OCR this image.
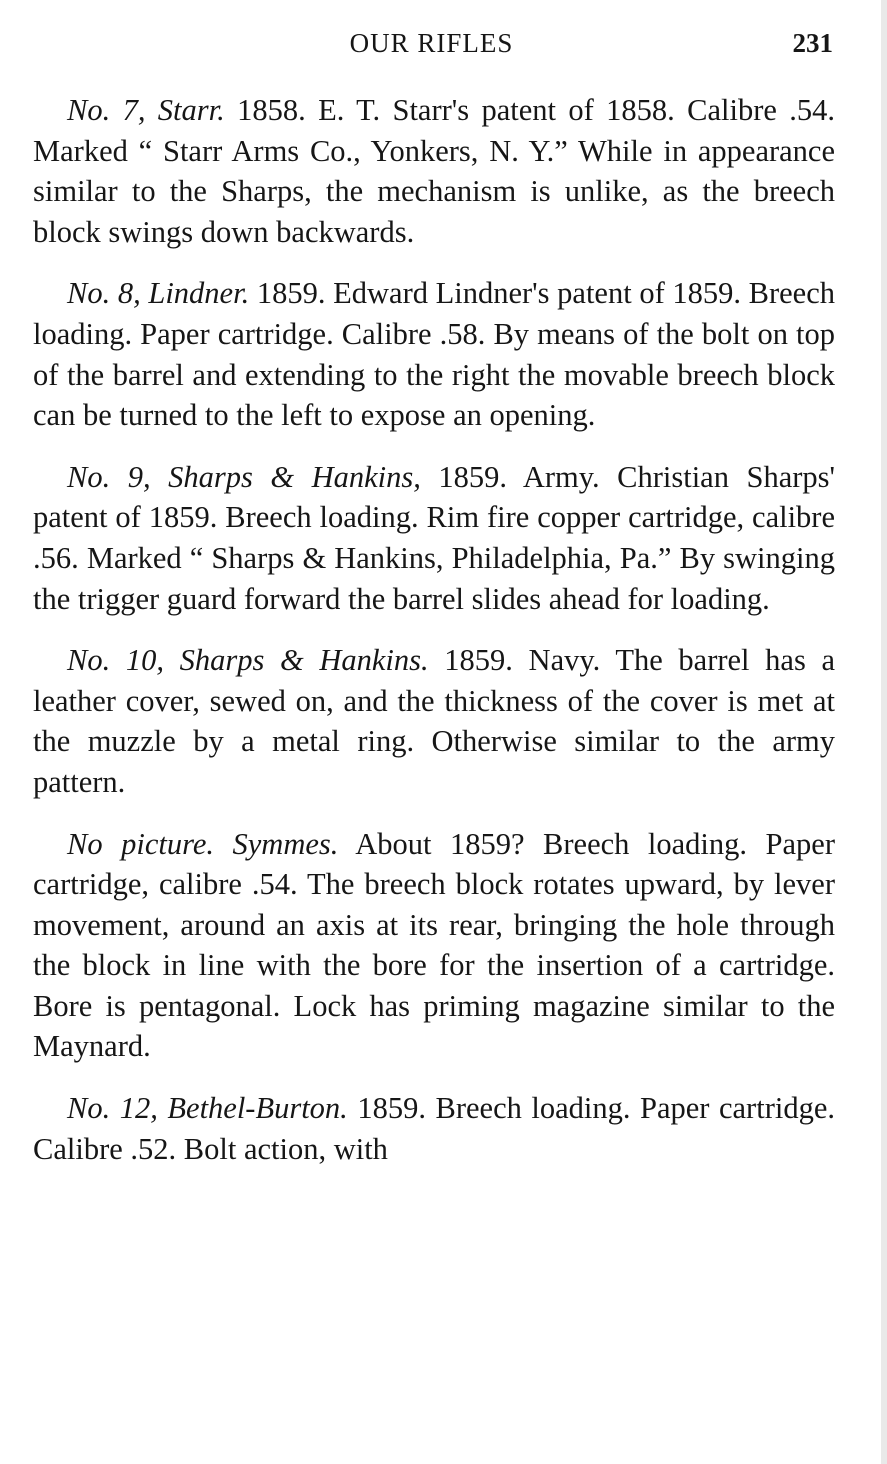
OUR RIFLES	231

No. 7, Starr. 1858. E. T. Starr's patent of 1858. Calibre .54. Marked “ Starr Arms Co., Yonkers, N. Y.” While in appearance similar to the Sharps, the mechanism is unlike, as the breech block swings down backwards.

No. 8, Lindner. 1859. Edward Lindner's patent of 1859. Breech loading. Paper cartridge. Calibre .58. By means of the bolt on top of the barrel and extending to the right the movable breech block can be turned to the left to expose an opening.

No. 9, Sharps & Hankins, 1859. Army. Christian Sharps' patent of 1859. Breech loading. Rim fire copper cartridge, calibre .56. Marked “ Sharps & Hankins, Philadelphia, Pa.” By swinging the trigger guard forward the barrel slides ahead for loading.

No. 10, Sharps & Hankins. 1859. Navy. The barrel has a leather cover, sewed on, and the thickness of the cover is met at the muzzle by a metal ring. Otherwise similar to the army pattern.

No picture. Symmes. About 1859? Breech loading. Paper cartridge, calibre .54. The breech block rotates upward, by lever movement, around an axis at its rear, bringing the hole through the block in line with the bore for the insertion of a cartridge. Bore is pentagonal. Lock has priming magazine similar to the Maynard.

No. 12, Bethel-Burton. 1859. Breech loading. Paper cartridge. Calibre .52. Bolt action, with
